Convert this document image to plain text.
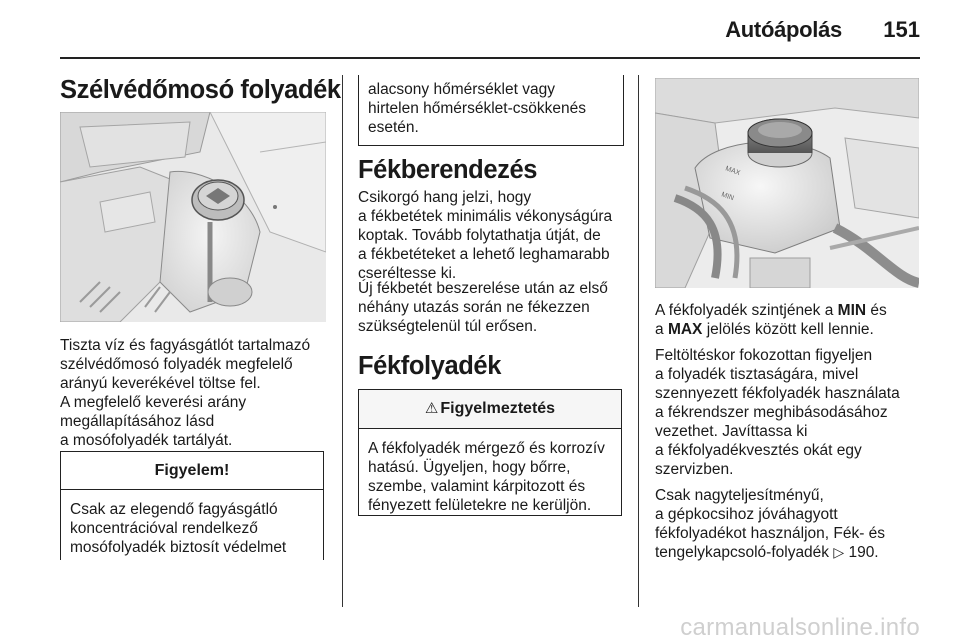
Autóápolás 151
Szélvédőmosó folyadék

Tiszta víz és fagyásgátlót tartalmazó
szélvédőmosó folyadék megfelelő
arányú keverékével töltse fel.
A megfelelő keverési arány
megállapításához lásd
a mosófolyadék tartályát.

Figyelem!
Csak az elegendő fagyásgátló
koncentrációval rendelkező
mosófolyadék biztosít védelmet
alacsony hőmérséklet vagy
hirtelen hőmérséklet-csökkenés
esetén.
Fékberendezés

Csikorgó hang jelzi, hogy
a fékbetétek minimális vékonyságúra
koptak. Tovább folytathatja útját, de
a fékbetéteket a lehető leghamarabb
cseréltesse ki.

Új fékbetét beszerelése után az első
néhány utazás során ne fékezzen
szükségtelenül túl erősen.

Fékfolyadék
⚠ Figyelmeztetés
A fékfolyadék mérgező és korrozív
hatású. Ügyeljen, hogy bőrre,
szembe, valamint kárpitozott és
fényezett felületekre ne kerüljön.
MAX
MIN

A fékfolyadék szintjének a MIN és
a MAX jelölés között kell lennie.

Feltöltéskor fokozottan figyeljen
a folyadék tisztaságára, mivel
szennyezett fékfolyadék használata
a fékrendszer meghibásodásához
vezethet. Javíttassa ki
a fékfolyadékvesztés okát egy
szervizben.

Csak nagyteljesítményű,
a gépkocsihoz jóváhagyott
fékfolyadékot használjon, Fék- és
tengelykapcsoló-folyadék ▷ 190.

carmanualsonline.info
